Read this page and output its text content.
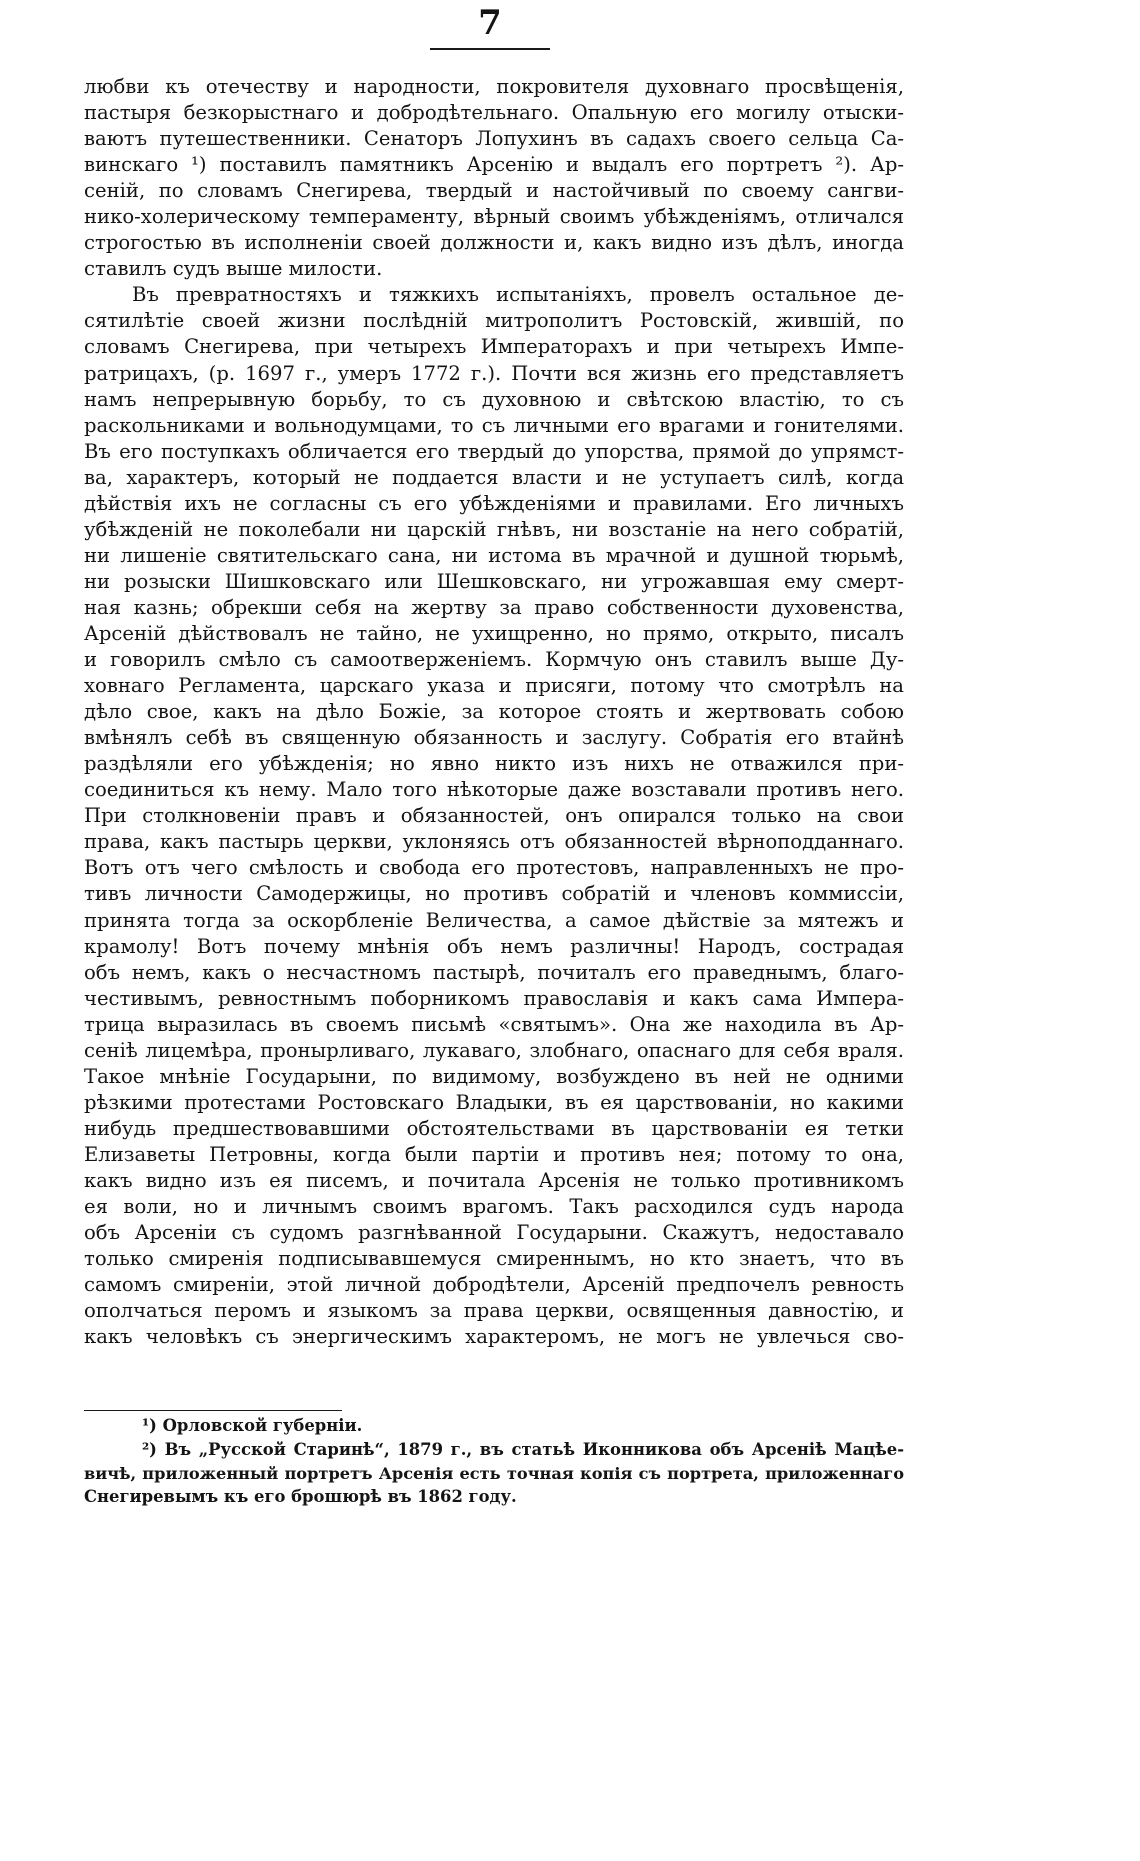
7
любви къ отечеству и народности, покровителя духовнаго просвѣщенія,
пастыря безкорыстнаго и добродѣтельнаго. Опальную его могилу отыски-
ваютъ путешественники. Сенаторъ Лопухинъ въ садахъ своего сельца Са-
винскаго ¹) поставилъ памятникъ Арсенію и выдалъ его портретъ ²). Ар-
сеній, по словамъ Снегирева, твердый и настойчивый по своему сангви-
нико-холерическому темпераменту, вѣрный своимъ убѣжденіямъ, отличался
строгостью въ исполненіи своей должности и, какъ видно изъ дѣлъ, иногда
ставилъ судъ выше милости.
Въ превратностяхъ и тяжкихъ испытаніяхъ, провелъ остальное де-
сятилѣтіе своей жизни послѣдній митрополитъ Ростовскій, жившій, по
словамъ Снегирева, при четырехъ Императорахъ и при четырехъ Импе-
ратрицахъ, (р. 1697 г., умеръ 1772 г.). Почти вся жизнь его представляетъ
намъ непрерывную борьбу, то съ духовною и свѣтскою властію, то съ
раскольниками и вольнодумцами, то съ личными его врагами и гонителями.
Въ его поступкахъ обличается его твердый до упорства, прямой до упрямст-
ва, характеръ, который не поддается власти и не уступаетъ силѣ, когда
дѣйствія ихъ не согласны съ его убѣжденіями и правилами. Его личныхъ
убѣжденій не поколебали ни царскій гнѣвъ, ни возстаніе на него собратій,
ни лишеніе святительскаго сана, ни истома въ мрачной и душной тюрьмѣ,
ни розыски Шишковскаго или Шешковскаго, ни угрожавшая ему смерт-
ная казнь; обрекши себя на жертву за право собственности духовенства,
Арсеній дѣйствовалъ не тайно, не ухищренно, но прямо, открыто, писалъ
и говорилъ смѣло съ самоотверженіемъ. Кормчую онъ ставилъ выше Ду-
ховнаго Регламента, царскаго указа и присяги, потому что смотрѣлъ на
дѣло свое, какъ на дѣло Божіе, за которое стоять и жертвовать собою
вмѣнялъ себѣ въ священную обязанность и заслугу. Собратія его втайнѣ
раздѣляли его убѣжденія; но явно никто изъ нихъ не отважился при-
соединиться къ нему. Мало того нѣкоторые даже возставали противъ него.
При столкновеніи правъ и обязанностей, онъ опирался только на свои
права, какъ пастырь церкви, уклоняясь отъ обязанностей вѣрноподданнаго.
Вотъ отъ чего смѣлость и свобода его протестовъ, направленныхъ не про-
тивъ личности Самодержицы, но противъ собратій и членовъ коммиссіи,
принята тогда за оскорбленіе Величества, а самое дѣйствіе за мятежъ и
крамолу! Вотъ почему мнѣнія объ немъ различны! Народъ, сострадая
объ немъ, какъ о несчастномъ пастырѣ, почиталъ его праведнымъ, благо-
честивымъ, ревностнымъ поборникомъ православія и какъ сама Импера-
трица выразилась въ своемъ письмѣ «святымъ». Она же находила въ Ар-
сеніѣ лицемѣра, пронырливаго, лукаваго, злобнаго, опаснаго для себя враля.
Такое мнѣніе Государыни, по видимому, возбуждено въ ней не одними
рѣзкими протестами Ростовскаго Владыки, въ ея царствованіи, но какими
нибудь предшествовавшими обстоятельствами въ царствованіи ея тетки
Елизаветы Петровны, когда были партіи и противъ нея; потому то она,
какъ видно изъ ея писемъ, и почитала Арсенія не только противникомъ
ея воли, но и личнымъ своимъ врагомъ. Такъ расходился судъ народа
объ Арсеніи съ судомъ разгнѣванной Государыни. Скажутъ, недоставало
только смиренія подписывавшемуся смиреннымъ, но кто знаетъ, что въ
самомъ смиреніи, этой личной добродѣтели, Арсеній предпочелъ ревность
ополчаться перомъ и языкомъ за права церкви, освященныя давностію, и
какъ человѣкъ съ энергическимъ характеромъ, не могъ не увлечься сво-
¹) Орловской губерніи.
²) Въ „Русской Старинѣ“, 1879 г., въ статьѣ Иконникова объ Арсеніѣ Мацѣе-
вичѣ, приложенный портретъ Арсенія есть точная копія съ портрета, приложеннаго
Снегиревымъ къ его брошюрѣ въ 1862 году.
